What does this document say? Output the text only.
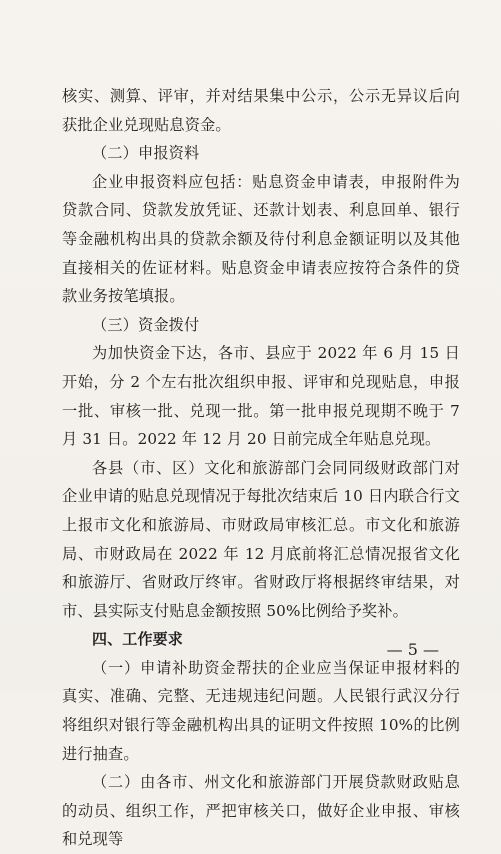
核实、测算、评审，并对结果集中公示，公示无异议后向获批企业兑现贴息资金。

（二）申报资料

企业申报资料应包括：贴息资金申请表，申报附件为贷款合同、贷款发放凭证、还款计划表、利息回单、银行等金融机构出具的贷款余额及待付利息金额证明以及其他直接相关的佐证材料。贴息资金申请表应按符合条件的贷款业务按笔填报。

（三）资金拨付

为加快资金下达，各市、县应于 2022 年 6 月 15 日开始，分 2 个左右批次组织申报、评审和兑现贴息，申报一批、审核一批、兑现一批。第一批申报兑现期不晚于 7 月 31 日。2022 年 12 月 20 日前完成全年贴息兑现。

各县（市、区）文化和旅游部门会同同级财政部门对企业申请的贴息兑现情况于每批次结束后 10 日内联合行文上报市文化和旅游局、市财政局审核汇总。市文化和旅游局、市财政局在 2022 年 12 月底前将汇总情况报省文化和旅游厅、省财政厅终审。省财政厅将根据终审结果，对市、县实际支付贴息金额按照 50%比例给予奖补。

四、工作要求

（一）申请补助资金帮扶的企业应当保证申报材料的真实、准确、完整、无违规违纪问题。人民银行武汉分行将组织对银行等金融机构出具的证明文件按照 10%的比例进行抽查。

（二）由各市、州文化和旅游部门开展贷款财政贴息的动员、组织工作，严把审核关口，做好企业申报、审核和兑现等

— 5 —
